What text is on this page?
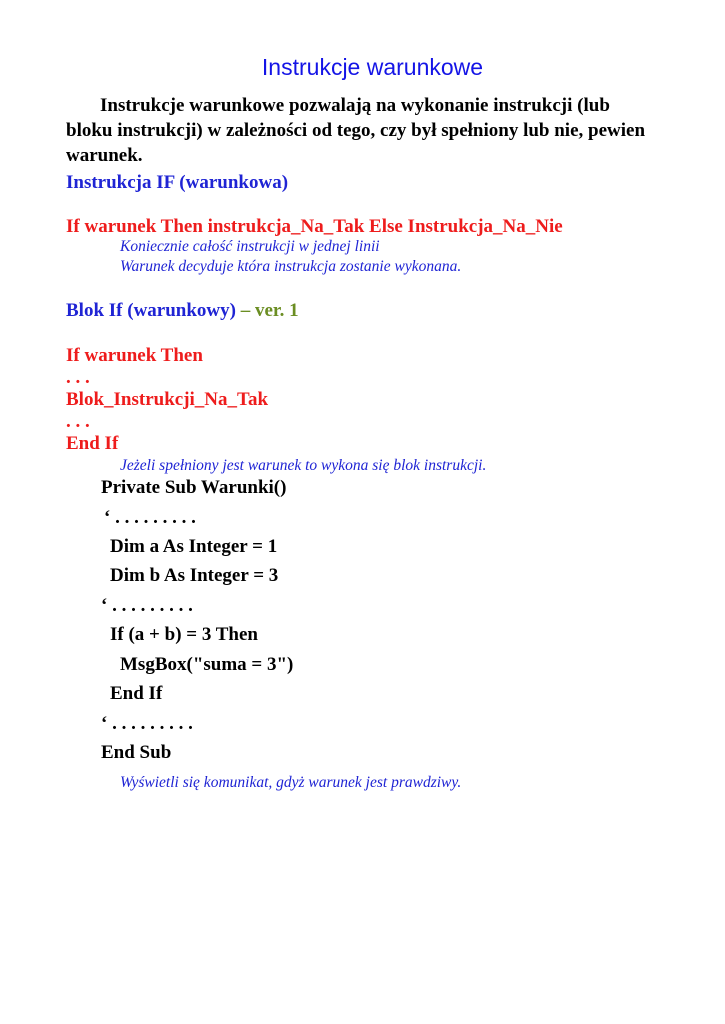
Instrukcje warunkowe
Instrukcje warunkowe pozwalają na wykonanie instrukcji (lub bloku instrukcji) w zależności od tego, czy był spełniony lub nie, pewien warunek.
Instrukcja IF (warunkowa)
If warunek Then instrukcja_Na_Tak Else Instrukcja_Na_Nie
Koniecznie całość instrukcji w jednej linii
Warunek decyduje która instrukcja zostanie wykonana.
Blok If (warunkowy) – ver. 1
If warunek Then
. . .
Blok_Instrukcji_Na_Tak
. . .
End If
Jeżeli spełniony jest warunek to wykona się blok instrukcji.
Private Sub Warunki()
‘ . . . . . . . . .
Dim a As Integer = 1
Dim b As Integer = 3
‘ . . . . . . . . .
If (a + b) = 3 Then
MsgBox("suma = 3")
End If
‘ . . . . . . . . .
End Sub
Wyświetli się komunikat, gdyż warunek jest prawdziwy.
